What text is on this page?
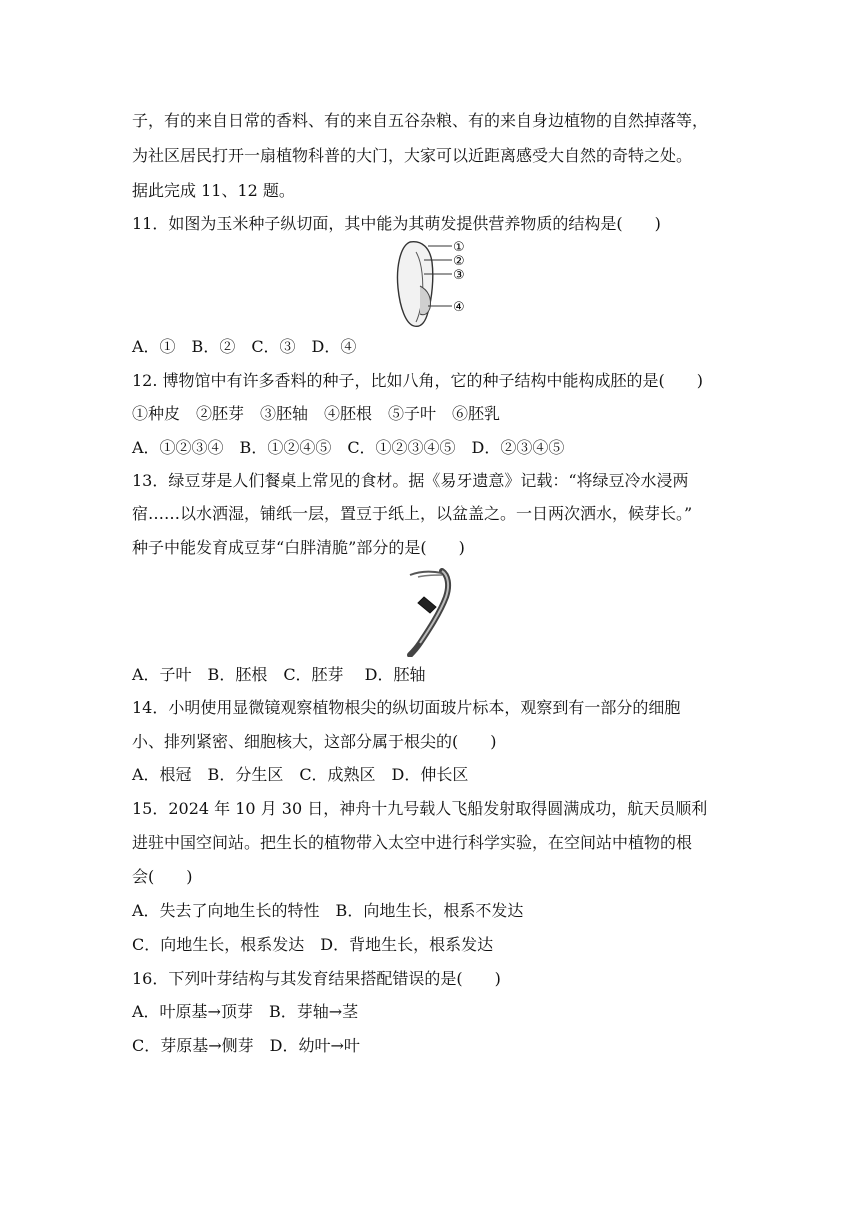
子，有的来自日常的香料、有的来自五谷杂粮、有的来自身边植物的自然掉落等，
为社区居民打开一扇植物科普的大门，大家可以近距离感受大自然的奇特之处。
据此完成 11、12 题。
11．如图为玉米种子纵切面，其中能为其萌发提供营养物质的结构是(　　)
①
②
③
④
A．①　B．②　C．③　D．④
12. 博物馆中有许多香料的种子，比如八角，它的种子结构中能构成胚的是(　　)
①种皮　②胚芽　③胚轴　④胚根　⑤子叶　⑥胚乳
A．①②③④　B．①②④⑤　C．①②③④⑤　D．②③④⑤
13．绿豆芽是人们餐桌上常见的食材。据《易牙遗意》记载：“将绿豆冷水浸两
宿……以水洒湿，铺纸一层，置豆于纸上，以盆盖之。一日两次洒水，候芽长。”
种子中能发育成豆芽“白胖清脆”部分的是(　　)
A．子叶　B．胚根　C．胚芽　 D．胚轴
14．小明使用显微镜观察植物根尖的纵切面玻片标本，观察到有一部分的细胞
小、排列紧密、细胞核大，这部分属于根尖的(　　)
A．根冠　B．分生区　C．成熟区　D．伸长区
15．2024 年 10 月 30 日，神舟十九号载人飞船发射取得圆满成功，航天员顺利
进驻中国空间站。把生长的植物带入太空中进行科学实验，在空间站中植物的根
会(　　)
A．失去了向地生长的特性　B．向地生长，根系不发达
C．向地生长，根系发达　D．背地生长，根系发达
16．下列叶芽结构与其发育结果搭配错误的是(　　)
A．叶原基→顶芽　B．芽轴→茎
C．芽原基→侧芽　D．幼叶→叶
